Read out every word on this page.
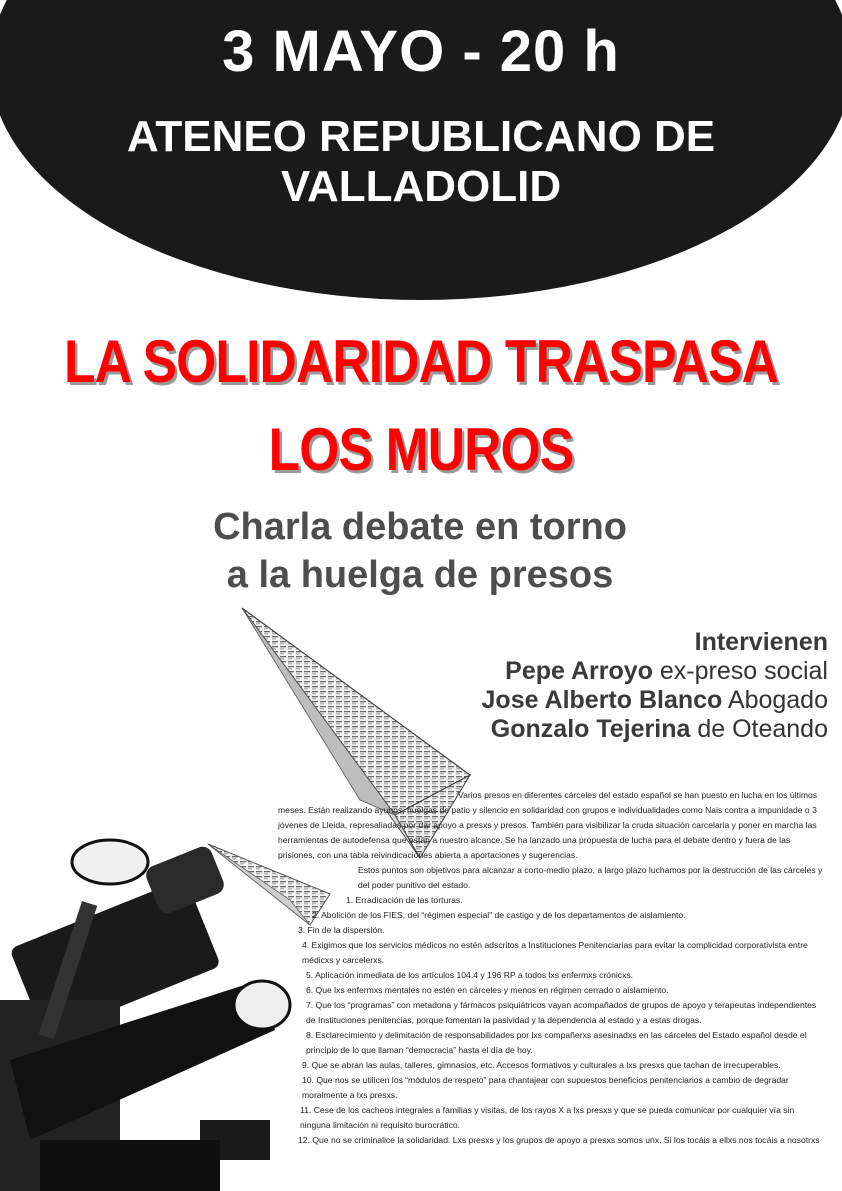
3 MAYO - 20 h
ATENEO REPUBLICANO DE
VALLADOLID
LA SOLIDARIDAD TRASPASA
LOS MUROS
Charla debate en torno
a la huelga de presos
Intervienen
Pepe Arroyo ex-preso social
Jose Alberto Blanco Abogado
Gonzalo Tejerina de Oteando

Varios presos en diferentes cárceles del estado español se han puesto en lucha en los últimos meses. Están realizando ayunos, huelgas de patio y silencio en solidaridad con grupos e individualidades como Nais contra a impunidade o 3 jóvenes de Lleida, represaliadas por dar apoyo a presxs y presos. También para visibilizar la cruda situación carcelaria y poner en marcha las herramientas de autodefensa que están a nuestro alcance. Se ha lanzado una propuesta de lucha para el debate dentro y fuera de las prisiones, con una tabla reivindicaciones abierta a aportaciones y sugerencias.

Estos puntos son objetivos para alcanzar a corto-medio plazo, a largo plazo luchamos por la destrucción de las cárceles y del poder punitivo del estado.

1. Erradicación de las torturas.

2. Abolición de los FIES, del “régimen especial” de castigo y de los departamentos de aislamiento.

3. Fin de la dispersión.

4. Exigimos que los servicios médicos no estén adscritos a Instituciones Penitenciarias para evitar la complicidad corporativista entre médicxs y carcelerxs.

5. Aplicación inmediata de los artículos 104.4 y 196 RP a todos lxs enfermxs crónicxs.

6. Que lxs enfermxs mentales no estén en cárceles y menos en régimen cerrado o aislamiento.

7. Que los “programas” con metadona y fármacos psiquiátricos vayan acompañados de grupos de apoyo y terapeutas independientes de Instituciones penitencias, porque fomentan la pasividad y la dependencia al estado y a estas drogas.

8. Esclarecimiento y delimitación de responsabilidades por lxs compañerxs asesinadxs en las cárceles del Estado español desde el principio de lo que llaman “democracia” hasta el día de hoy.

9. Que se abran las aulas, talleres, gimnasios, etc. Accesos formativos y culturales a lxs presxs que tachan de irrecuperables.

10. Que nos se utilicen los “módulos de respeto” para chantajear con supuestos beneficios penitenciarios a cambio de degradar moralmente a lxs presxs.

11. Cese de los cacheos integrales a familias y visitas, de los rayos X a lxs presxs y que se pueda comunicar por cualquier vía sin ninguna limitación ni requisito burocrático.

12. Que no se criminalice la solidaridad. Lxs presxs y los grupos de apoyo a presxs somos unx. Si los tocáis a ellxs nos tocáis a nosotrxs
